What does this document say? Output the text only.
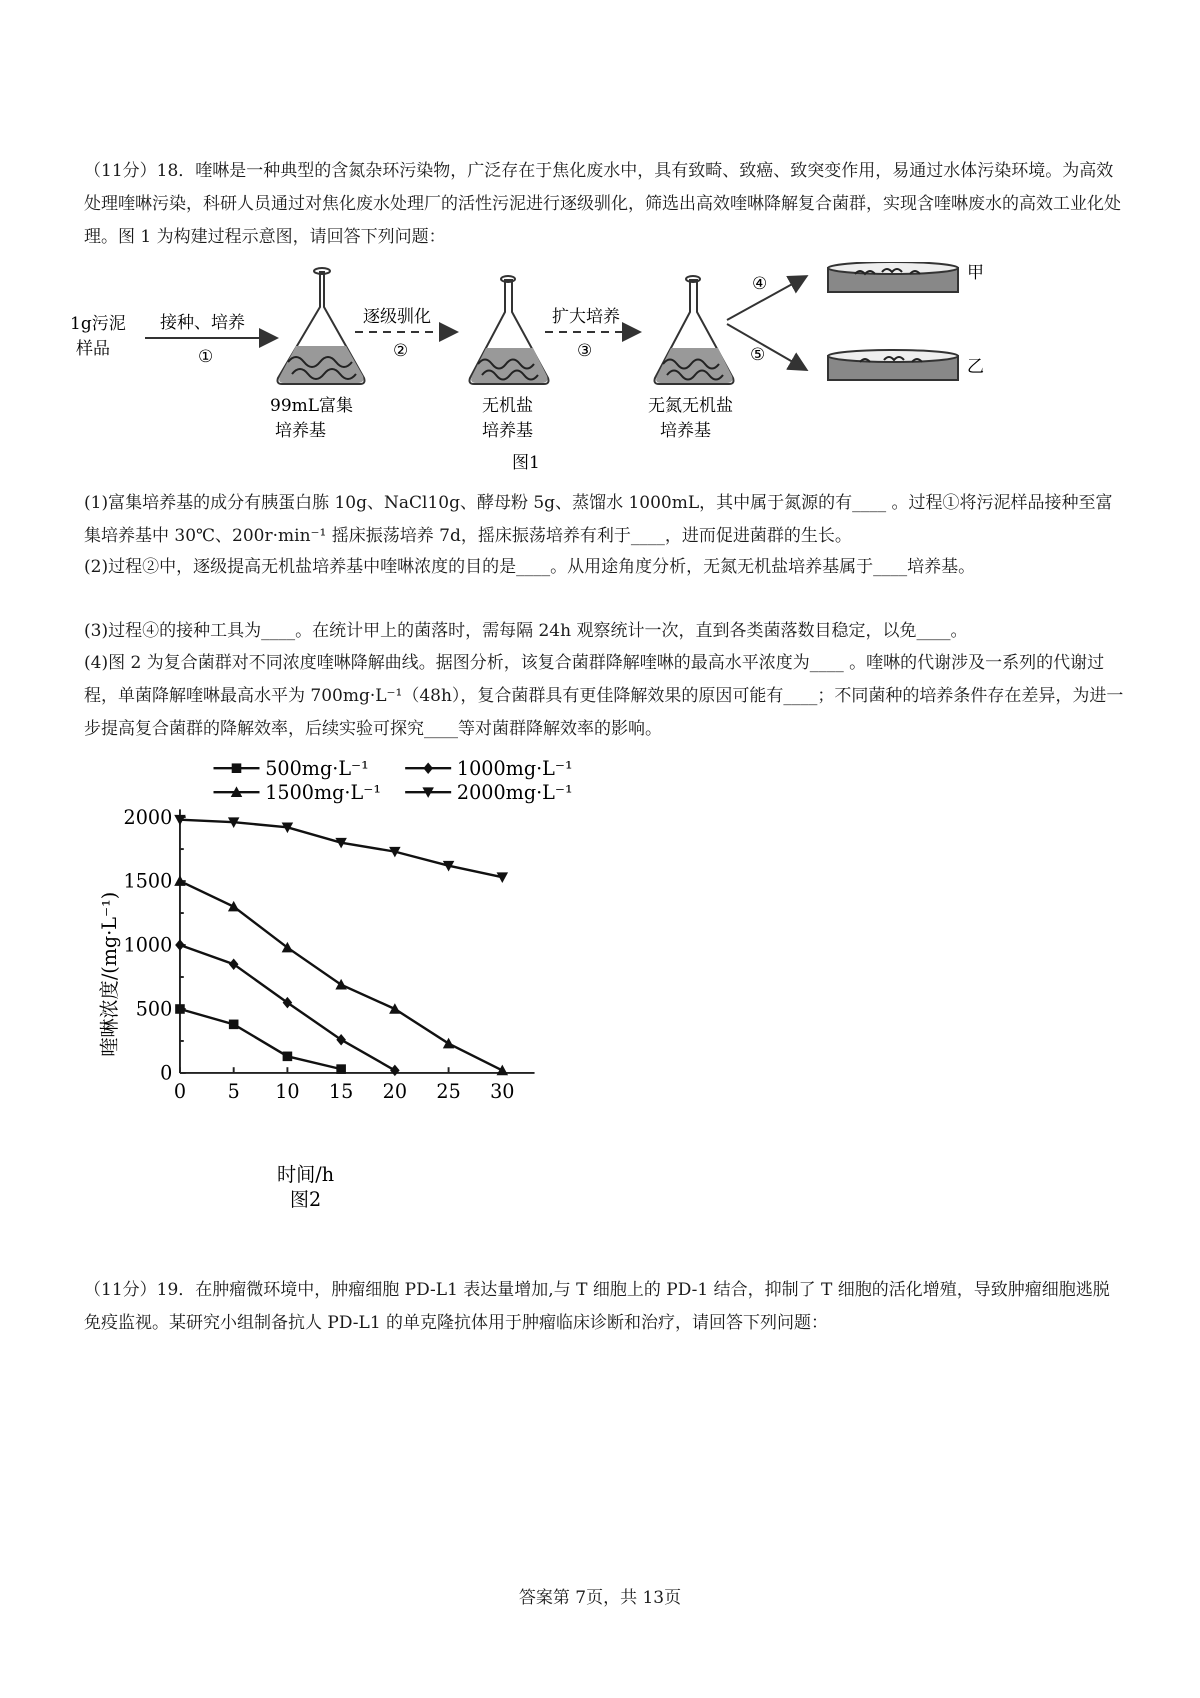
（11分）18．喹啉是一种典型的含氮杂环污染物，广泛存在于焦化废水中，具有致畸、致癌、致突变作用，易通过水体污染环境。为高效处理喹啉污染，科研人员通过对焦化废水处理厂的活性污泥进行逐级驯化，筛选出高效喹啉降解复合菌群，实现含喹啉废水的高效工业化处理。图 1 为构建过程示意图，请回答下列问题：

1g污泥
样品
接种、培养
①
99mL富集
培养基
逐级驯化
②
无机盐
培养基
扩大培养
③
无氮无机盐
培养基
④
⑤
甲
乙
图1

(1)富集培养基的成分有胰蛋白胨 10g、NaCl10g、酵母粉 5g、蒸馏水 1000mL，其中属于氮源的有____ 。过程①将污泥样品接种至富集培养基中 30℃、200r·min⁻¹ 摇床振荡培养 7d，摇床振荡培养有利于____，进而促进菌群的生长。

(2)过程②中，逐级提高无机盐培养基中喹啉浓度的目的是____。从用途角度分析，无氮无机盐培养基属于____培养基。

(3)过程④的接种工具为____。在统计甲上的菌落时，需每隔 24h 观察统计一次，直到各类菌落数目稳定，以免____。

(4)图 2 为复合菌群对不同浓度喹啉降解曲线。据图分析，该复合菌群降解喹啉的最高水平浓度为____ 。喹啉的代谢涉及一系列的代谢过程，单菌降解喹啉最高水平为 700mg·L⁻¹（48h），复合菌群具有更佳降解效果的原因可能有____；不同菌种的培养条件存在差异，为进一步提高复合菌群的降解效率，后续实验可探究____等对菌群降解效率的影响。

500mg·L⁻¹	1000mg·L⁻¹
1500mg·L⁻¹	2000mg·L⁻¹
0 5 10 15 20 25 30
0
500
1000
1500
2000
喹啉浓度/(mg·L⁻¹)
时间/h
图2

（11分）19．在肿瘤微环境中，肿瘤细胞 PD-L1 表达量增加,与 T 细胞上的 PD-1 结合，抑制了 T 细胞的活化增殖，导致肿瘤细胞逃脱免疫监视。某研究小组制备抗人 PD-L1 的单克隆抗体用于肿瘤临床诊断和治疗，请回答下列问题：

答案第 7页，共 13页
